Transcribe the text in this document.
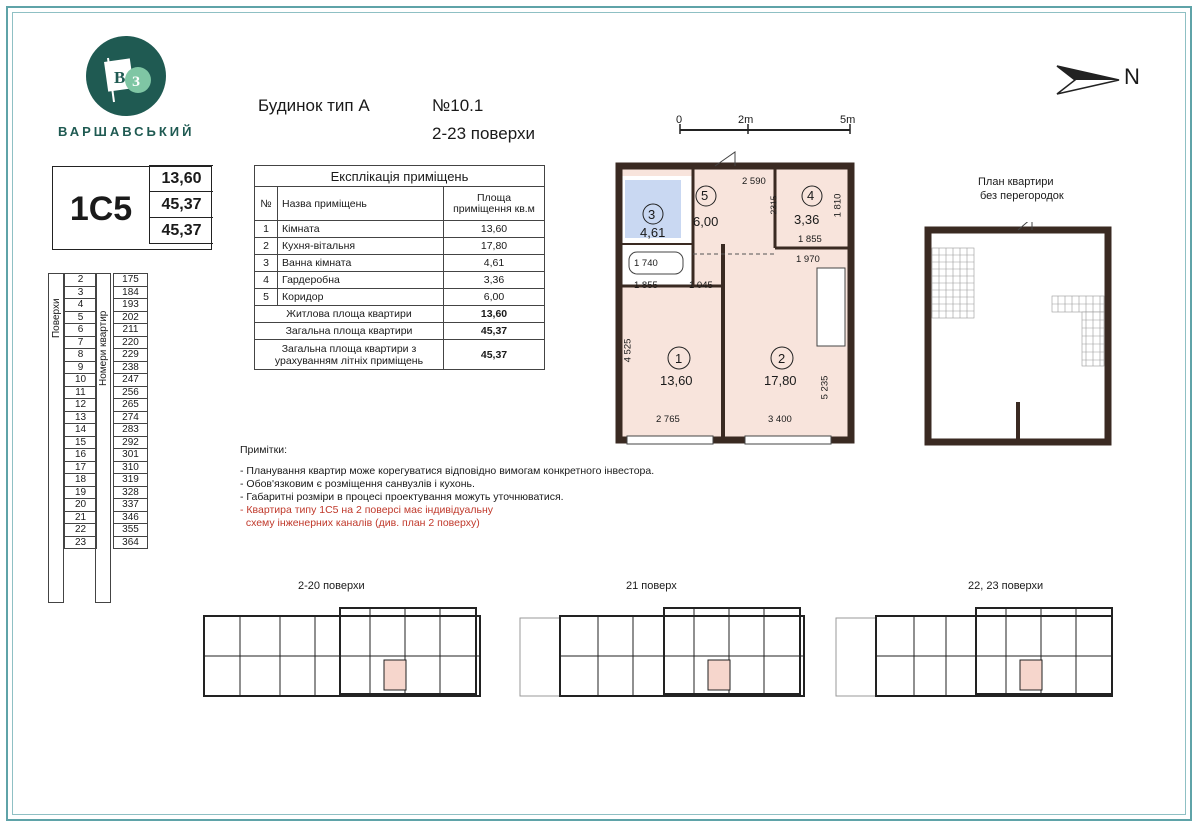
В З
ВАРШАВСЬКИЙ
Будинок тип А	№10.1
2-23 поверхи
1С5
13,60
45,37
45,37
Експлікація приміщень		
№	Назва приміщень	Площа приміщення кв.м
1	Кімната	13,60
2	Кухня-вітальня	17,80
3	Ванна кімната	4,61
4	Гардеробна	3,36
5	Коридор	6,00
Житлова площа квартири		13,60
Загальна площа квартири		45,37
Загальна площа квартири з урахуванням літніх приміщень		45,37
Поверхи	Номери квартир
2		175
3		184
4		193
5		202
6		211
7		220
8		229
9		238
10		247
11		256
12		265
13		274
14		283
15		292
16		301
17		310
18		319
19		328
20		337
21		346
22		355
23		364
0	2m	5m
N
3
4,61
5
6,00
4
3,36
1
13,60
2
17,80
2 590
1 810
2315
1 855
1 740	1 970
1 855	1 045
4 525
2 765	3 400
5 235
План квартири
без перегородок
Примітки:
- Планування квартир може корегуватися відповідно вимогам конкретного інвестора.
- Обов'язковим є розміщення санвузлів і кухонь.
- Габаритні розміри в процесі проектування можуть уточнюватися.
- Квартира типу 1С5 на 2 поверсі має індивідуальну
схему інженерних каналів (див. план 2 поверху)
2-20 поверхи	21 поверх	22, 23 поверхи
